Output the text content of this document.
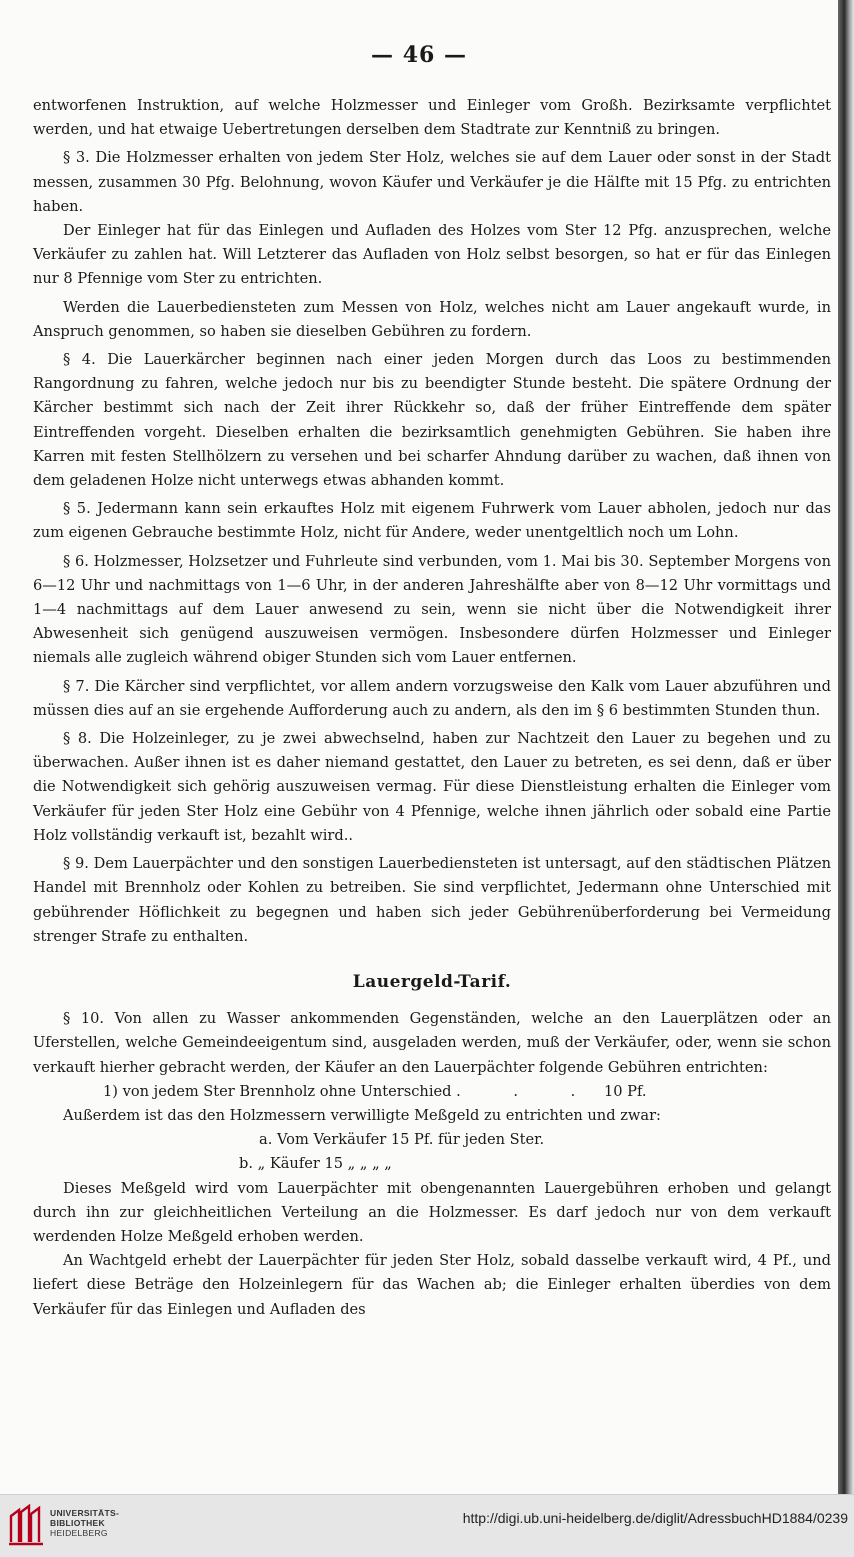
— 46 —

entworfenen Instruktion, auf welche Holzmesser und Einleger vom Großh. Bezirksamte verpflichtet werden, und hat etwaige Uebertretungen derselben dem Stadtrate zur Kenntniß zu bringen.

§ 3. Die Holzmesser erhalten von jedem Ster Holz, welches sie auf dem Lauer oder sonst in der Stadt messen, zusammen 30 Pfg. Belohnung, wovon Käufer und Verkäufer je die Hälfte mit 15 Pfg. zu entrichten haben.

Der Einleger hat für das Einlegen und Aufladen des Holzes vom Ster 12 Pfg. anzusprechen, welche Verkäufer zu zahlen hat. Will Letzterer das Aufladen von Holz selbst besorgen, so hat er für das Einlegen nur 8 Pfennige vom Ster zu entrichten.

Werden die Lauerbediensteten zum Messen von Holz, welches nicht am Lauer angekauft wurde, in Anspruch genommen, so haben sie dieselben Gebühren zu fordern.

§ 4. Die Lauerkärcher beginnen nach einer jeden Morgen durch das Loos zu bestimmenden Rangordnung zu fahren, welche jedoch nur bis zu beendigter Stunde besteht. Die spätere Ordnung der Kärcher bestimmt sich nach der Zeit ihrer Rückkehr so, daß der früher Eintreffende dem später Eintreffenden vorgeht. Dieselben erhalten die bezirksamtlich genehmigten Gebühren. Sie haben ihre Karren mit festen Stellhölzern zu versehen und bei scharfer Ahndung darüber zu wachen, daß ihnen von dem geladenen Holze nicht unterwegs etwas abhanden kommt.

§ 5. Jedermann kann sein erkauftes Holz mit eigenem Fuhrwerk vom Lauer abholen, jedoch nur das zum eigenen Gebrauche bestimmte Holz, nicht für Andere, weder unentgeltlich noch um Lohn.

§ 6. Holzmesser, Holzsetzer und Fuhrleute sind verbunden, vom 1. Mai bis 30. September Morgens von 6—12 Uhr und nachmittags von 1—6 Uhr, in der anderen Jahreshälfte aber von 8—12 Uhr vormittags und 1—4 nachmittags auf dem Lauer anwesend zu sein, wenn sie nicht über die Notwendigkeit ihrer Abwesenheit sich genügend auszuweisen vermögen. Insbesondere dürfen Holzmesser und Einleger niemals alle zugleich während obiger Stunden sich vom Lauer entfernen.

§ 7. Die Kärcher sind verpflichtet, vor allem andern vorzugsweise den Kalk vom Lauer abzuführen und müssen dies auf an sie ergehende Aufforderung auch zu andern, als den im § 6 bestimmten Stunden thun.

§ 8. Die Holzeinleger, zu je zwei abwechselnd, haben zur Nachtzeit den Lauer zu begehen und zu überwachen. Außer ihnen ist es daher niemand gestattet, den Lauer zu betreten, es sei denn, daß er über die Notwendigkeit sich gehörig auszuweisen vermag. Für diese Dienstleistung erhalten die Einleger vom Verkäufer für jeden Ster Holz eine Gebühr von 4 Pfennige, welche ihnen jährlich oder sobald eine Partie Holz vollständig verkauft ist, bezahlt wird..

§ 9. Dem Lauerpächter und den sonstigen Lauerbediensteten ist untersagt, auf den städtischen Plätzen Handel mit Brennholz oder Kohlen zu betreiben. Sie sind verpflichtet, Jedermann ohne Unterschied mit gebührender Höflichkeit zu begegnen und haben sich jeder Gebührenüberforderung bei Vermeidung strenger Strafe zu enthalten.

Lauergeld-Tarif.

§ 10. Von allen zu Wasser ankommenden Gegenständen, welche an den Lauerplätzen oder an Uferstellen, welche Gemeindeeigentum sind, ausgeladen werden, muß der Verkäufer, oder, wenn sie schon verkauft hierher gebracht werden, der Käufer an den Lauerpächter folgende Gebühren entrichten:

1) von jedem Ster Brennholz ohne Unterschied . . . 10 Pf.

Außerdem ist das den Holzmessern verwilligte Meßgeld zu entrichten und zwar:

a. Vom Verkäufer 15 Pf. für jeden Ster.

b. „ Käufer 15 „ „ „ „

Dieses Meßgeld wird vom Lauerpächter mit obengenannten Lauergebühren erhoben und gelangt durch ihn zur gleichheitlichen Verteilung an die Holzmesser. Es darf jedoch nur von dem verkauft werdenden Holze Meßgeld erhoben werden.

An Wachtgeld erhebt der Lauerpächter für jeden Ster Holz, sobald dasselbe verkauft wird, 4 Pf., und liefert diese Beträge den Holzeinlegern für das Wachen ab; die Einleger erhalten überdies von dem Verkäufer für das Einlegen und Aufladen des

UNIVERSITÄTS-
BIBLIOTHEK
HEIDELBERG
http://digi.ub.uni-heidelberg.de/diglit/AdressbuchHD1884/0239
